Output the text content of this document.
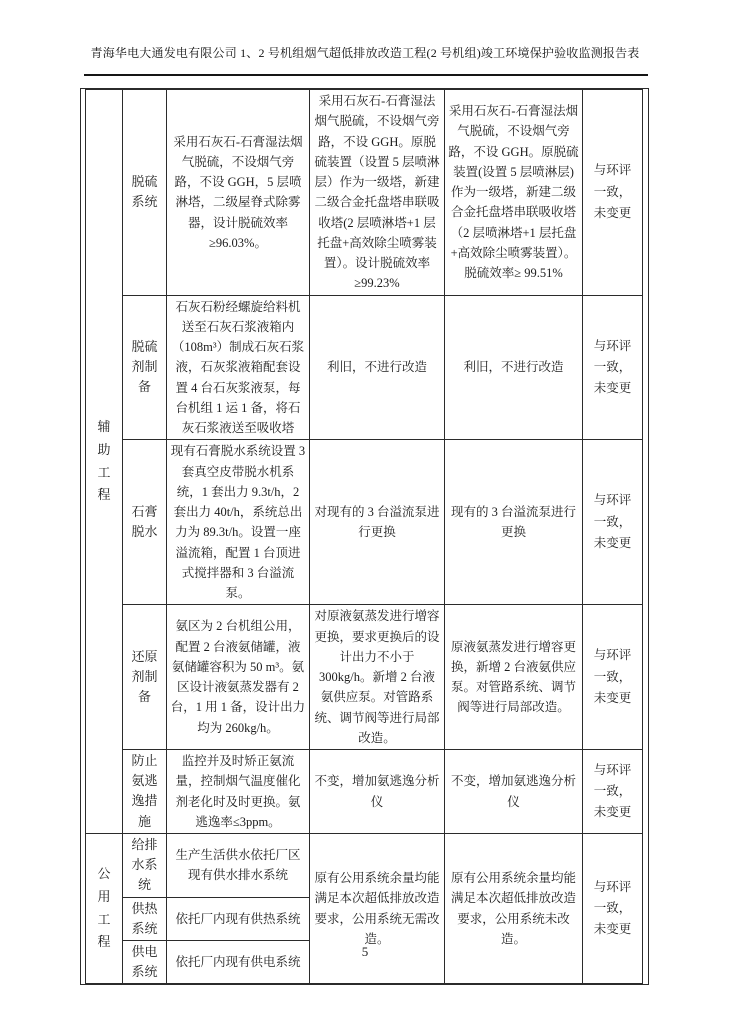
青海华电大通发电有限公司 1、2 号机组烟气超低排放改造工程(2 号机组)竣工环境保护验收监测报告表
辅助工程	脱硫系统	采用石灰石-石膏湿法烟气脱硫，不设烟气旁路，不设 GGH，5 层喷淋塔，二级屋脊式除雾器，设计脱硫效率≥96.03%。	采用石灰石-石膏湿法烟气脱硫，不设烟气旁路，不设 GGH。原脱硫装置（设置 5 层喷淋层）作为一级塔，新建二级合金托盘塔串联吸收塔(2 层喷淋塔+1 层托盘+高效除尘喷雾装置）。设计脱硫效率≥99.23%	采用石灰石-石膏湿法烟气脱硫，不设烟气旁路，不设 GGH。原脱硫装置(设置 5 层喷淋层)作为一级塔，新建二级合金托盘塔串联吸收塔（2 层喷淋塔+1 层托盘+高效除尘喷雾装置）。脱硫效率≥ 99.51%	与环评一致，未变更
	脱硫剂制备	石灰石粉经螺旋给料机送至石灰石浆液箱内（108m³）制成石灰石浆液，石灰浆液箱配套设置 4 台石灰浆液泵，每台机组 1 运 1 备，将石灰石浆液送至吸收塔	利旧，不进行改造	利旧，不进行改造	与环评一致，未变更
	石膏脱水	现有石膏脱水系统设置 3 套真空皮带脱水机系统，1 套出力 9.3t/h，2 套出力 40t/h，系统总出力为 89.3t/h。设置一座溢流箱，配置 1 台顶进式搅拌器和 3 台溢流泵。	对现有的 3 台溢流泵进行更换	现有的 3 台溢流泵进行更换	与环评一致，未变更
	还原剂制备	氨区为 2 台机组公用，配置 2 台液氨储罐，液氨储罐容积为 50 m³。氨区设计液氨蒸发器有 2 台，1 用 1 备，设计出力均为 260kg/h。	对原液氨蒸发进行增容更换，要求更换后的设计出力不小于 300kg/h。新增 2 台液氨供应泵。对管路系统、调节阀等进行局部改造。	原液氨蒸发进行增容更换，新增 2 台液氨供应泵。对管路系统、调节阀等进行局部改造。	与环评一致，未变更
	防止氨逃逸措施	监控并及时矫正氨流量，控制烟气温度催化剂老化时及时更换。氨逃逸率≤3ppm。	不变，增加氨逃逸分析仪	不变，增加氨逃逸分析仪	与环评一致，未变更
公用工程	给排水系统	生产生活供水依托厂区现有供水排水系统	原有公用系统余量均能满足本次超低排放改造要求，公用系统无需改造。	原有公用系统余量均能满足本次超低排放改造要求，公用系统未改造。	与环评一致，未变更
	供热系统	依托厂内现有供热系统			
	供电系统	依托厂内现有供电系统			
5
